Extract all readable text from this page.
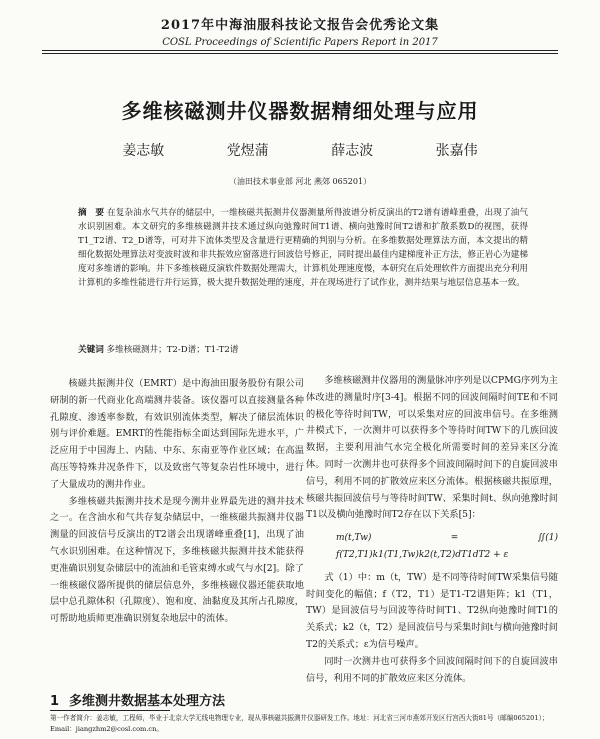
2017年中海油服科技论文报告会优秀论文集
COSL Proceedings of Scientific Papers Report in 2017
多维核磁测井仪器数据精细处理与应用
姜志敏	党煜蒲	薛志波	张嘉伟
（油田技术事业部 河北 燕郊 065201）
摘　要 在复杂油水气共存的储层中，一维核磁共振测井仪器测量所得波谱分析反演出的T2谱有谱峰重叠，出现了油气水识别困难。本文研究的多维核磁测井技术通过纵向弛豫时间T1谱、横向弛豫时间T2谱和扩散系数D的视图，获得T1_T2谱、T2_D谱等，可对井下流体类型及含量进行更精确的判别与分析。在多维数据处理算法方面，本文提出的精细化数据处理算法对变波时波和非共振效应窗落进行回波信号修正，同时提出最佳内建梯度补正方法，修正岩心为建梯度对多维谱的影响。井下多维核磁反演软件数据处理需大，计算机处理速度慢，本研究在后处理软件方面提出充分利用计算机的多维性能进行并行运算，极大提升数据处理的速度，并在现场进行了试作业，测井结果与地层信息基本一致。
关键词 多维核磁测井；T2-D谱；T1-T2谱

核磁共振测井仪（EMRT）是中海油田服务股份有限公司研制的新一代商业化高端测井装备。该仪器可以直接测量各种孔隙度、渗透率参数，有效识别流体类型，解决了储层流体识别与评价难题。EMRT的性能指标全面达到国际先进水平，广泛应用于中国海上、内陆、中东、东南亚等作业区域；在高温高压等特殊井况条件下，以及致密气等复杂岩性环境中，进行了大量成功的测井作业。

多维核磁共振测井技术是现今测井业界最先进的测井技术之一。在含油水和气共存复杂储层中，一维核磁共振测井仪器测量的回波信号反演出的T2谱会出现谱峰重叠[1]，出现了油气水识别困难。在这种情况下，多维核磁共振测井技术能获得更准确识别复杂储层中的流油和毛管束缚水或气与水[2]。除了一维核磁仪器所提供的储层信息外，多维核磁仪器还能获取地层中总孔隙体积（孔隙度）、饱和度、油黏度及其所占孔隙度，可帮助地质师更准确识别复杂地层中的流体。

1 多维测井数据基本处理方法

多维核磁测井仪器用的测量脉冲序列是以CPMG序列为主体改进的测量时序[3-4]。根据不同的回波间隔时间TE和不同的极化等待时间TW，可以采集对应的回波串信号。在多维测井模式下，一次测井可以获得多个等待时间TW下的几族回波数据，主要利用油气水完全极化所需要时间的差异来区分流体。同时一次测井也可获得多个回波间隔时间下的自旋回波串信号，利用不同的扩散效应来区分流体。根据核磁共振原理，核磁共振回波信号与等待时间TW、采集时间t、纵向弛豫时间T1以及横向弛豫时间T2存在以下关系[5]：

m(t,Tw) = ∬ f(T2,T1)k1(T1,Tw)k2(t,T2)dT1dT2 + ε
(1)

式（1）中：m（t，TW）是不同等待时间TW采集信号随时间变化的幅值；f（T2，T1）是T1-T2谱矩阵；k1（T1，TW）是回波信号与回波等待时间T1、T2纵向弛豫时间T1的关系式；k2（t，T2）是回波信号与采集时间t与横向弛豫时间T2的关系式；ε为信号噪声。

同时一次测井也可获得多个回波间隔时间下的自旋回波串信号，利用不同的扩散效应来区分流体。

第一作者简介：姜志敏，工程师，毕业于北京大学无线电物理专业，现从事核磁共振测井仪器研发工作。地址：河北省三河市燕郊开发区行宫西大街81号（邮编065201）；Email：jiangzhm2@cosl.com.cn。
